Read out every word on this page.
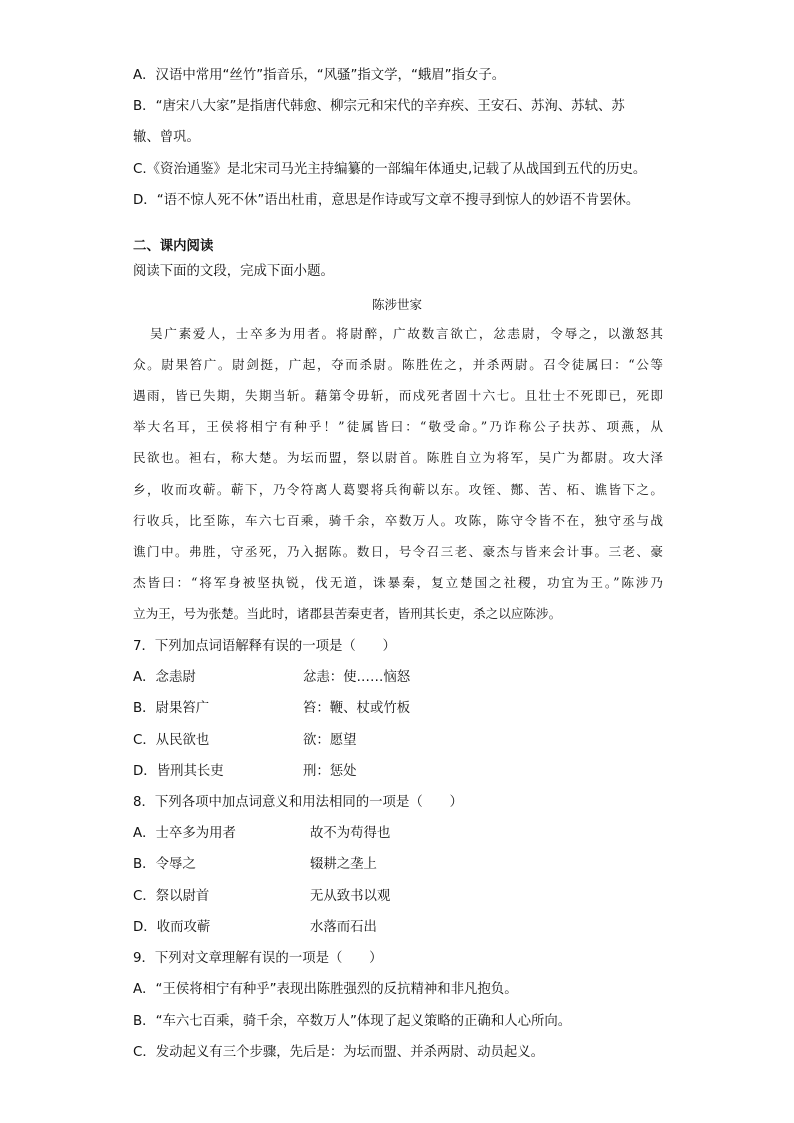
A．汉语中常用“丝竹”指音乐，“风骚”指文学，“蛾眉”指女子。
B．“唐宋八大家”是指唐代韩愈、柳宗元和宋代的辛弃疾、王安石、苏洵、苏轼、苏
辙、曾巩。
C.《资治通鉴》是北宋司马光主持编纂的一部编年体通史,记载了从战国到五代的历史。
D．“语不惊人死不休”语出杜甫，意思是作诗或写文章不搜寻到惊人的妙语不肯罢休。
二、课内阅读
阅读下面的文段，完成下面小题。
陈涉世家
吴广素爱人，士卒多为用者。将尉醉，广故数言欲亡，忿恚尉，令辱之，以激怒其
众。尉果笞广。尉剑挺，广起，夺而杀尉。陈胜佐之，并杀两尉。召令徒属曰：“公等
遇雨，皆已失期，失期当斩。藉第令毋斩，而戍死者固十六七。且壮士不死即已，死即
举大名耳，王侯将相宁有种乎！”徒属皆曰：“敬受命。”乃诈称公子扶苏、项燕，从
民欲也。袒右，称大楚。为坛而盟，祭以尉首。陈胜自立为将军，吴广为都尉。攻大泽
乡，收而攻蕲。蕲下，乃令符离人葛婴将兵徇蕲以东。攻铚、酂、苦、柘、谯皆下之。
行收兵，比至陈，车六七百乘，骑千余，卒数万人。攻陈，陈守令皆不在，独守丞与战
谯门中。弗胜，守丞死，乃入据陈。数日，号令召三老、豪杰与皆来会计事。三老、豪
杰皆曰：“将军身被坚执锐，伐无道，诛暴秦，复立楚国之社稷，功宜为王。”陈涉乃
立为王，号为张楚。当此时，诸郡县苦秦吏者，皆刑其长吏，杀之以应陈涉。
7．下列加点词语解释有误的一项是（　　）
A．念恚尉	忿恚：使……恼怒
B．尉果笞广	笞：鞭、杖或竹板
C．从民欲也	欲：愿望
D．皆刑其长吏	刑：惩处
8．下列各项中加点词意义和用法相同的一项是（　　）
A．士卒多为用者	故不为苟得也
B．令辱之	辍耕之垄上
C．祭以尉首	无从致书以观
D．收而攻蕲	水落而石出
9．下列对文章理解有误的一项是（　　）
A．“王侯将相宁有种乎”表现出陈胜强烈的反抗精神和非凡抱负。
B．“车六七百乘，骑千余，卒数万人”体现了起义策略的正确和人心所向。
C．发动起义有三个步骤，先后是：为坛而盟、并杀两尉、动员起义。
